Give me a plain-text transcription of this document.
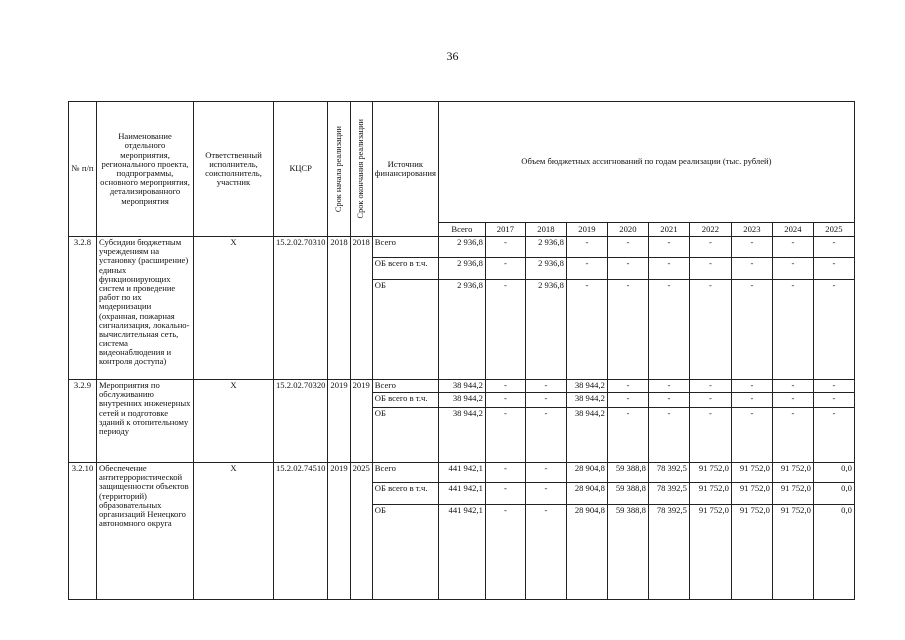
36
№ п/п	Наименование отдельного мероприятия, регионального проекта, подпрограммы, основного мероприятия, детализированного мероприятия	Ответственный исполнитель, соисполнитель, участник	КЦСР	Срок начала реализации	Срок окончания реализации	Источник финансирования	Объем бюджетных ассигнований по годам реализации (тыс. рублей)									
							Всего	2017	2018	2019	2020	2021	2022	2023	2024	2025
3.2.8	Субсидии бюджетным учреждениям на установку (расширение) единых функционирующих систем и проведение работ по их модернизации (охранная, пожарная сигнализация, локально-вычислительная сеть, система видеонаблюдения и контроля доступа)	Х	15.2.02.70310	2018	2018	Всего	2 936,8	-	2 936,8	-	-	-	-	-	-	-
						ОБ всего в т.ч.	2 936,8	-	2 936,8	-	-	-	-	-	-	-
						ОБ	2 936,8	-	2 936,8	-	-	-	-	-	-	-
3.2.9	Мероприятия по обслуживанию внутренних инженерных сетей и подготовке зданий к отопительному периоду	Х	15.2.02.70320	2019	2019	Всего	38 944,2	-	-	38 944,2	-	-	-	-	-	-
						ОБ всего в т.ч.	38 944,2	-	-	38 944,2	-	-	-	-	-	-
						ОБ	38 944,2	-	-	38 944,2	-	-	-	-	-	-
3.2.10	Обеспечение антитеррористической защищенности объектов (территорий) образовательных организаций Ненецкого автономного округа	Х	15.2.02.74510	2019	2025	Всего	441 942,1	-	-	28 904,8	59 388,8	78 392,5	91 752,0	91 752,0	91 752,0	0,0
						ОБ всего в т.ч.	441 942,1	-	-	28 904,8	59 388,8	78 392,5	91 752,0	91 752,0	91 752,0	0,0
						ОБ	441 942,1	-	-	28 904,8	59 388,8	78 392,5	91 752,0	91 752,0	91 752,0	0,0
